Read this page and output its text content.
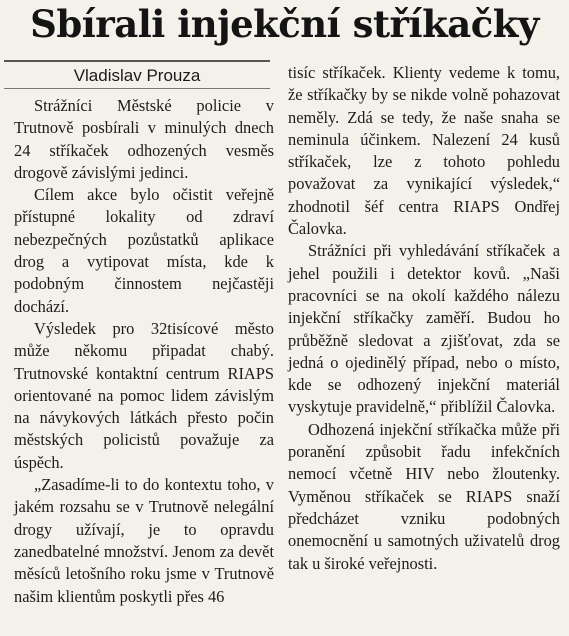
Sbírali injekční stříkačky
Vladislav Prouza

Strážníci Městské policie v Trutnově posbírali v minulých dnech 24 stříkaček odhozených vesměs drogově závislými jedinci.

Cílem akce bylo očistit veřejně přístupné lokality od zdraví nebezpečných pozůstatků aplikace drog a vytipovat místa, kde k podobným činnostem nejčastěji dochází.

Výsledek pro 32tisícové město může někomu připadat chabý. Trutnovské kontaktní centrum RIAPS orientované na pomoc lidem závislým na návykových látkách přesto počin městských policistů považuje za úspěch.

„Zasadíme-li to do kontextu toho, v jakém rozsahu se v Trutnově nelegální drogy užívají, je to opravdu zanedbatelné množství. Jenom za devět měsíců letošního roku jsme v Trutnově našim klientům poskytli přes 46

tisíc stříkaček. Klienty vedeme k tomu, že stříkačky by se nikde volně pohazovat neměly. Zdá se tedy, že naše snaha se neminula účinkem. Nalezení 24 kusů stříkaček, lze z tohoto pohledu považovat za vynikající výsledek,“ zhodnotil šéf centra RIAPS Ondřej Čalovka.

Strážníci při vyhledávání stříkaček a jehel použili i detektor kovů. „Naši pracovníci se na okolí každého nálezu injekční stříkačky zaměří. Budou ho průběžně sledovat a zjišťovat, zda se jedná o ojedinělý případ, nebo o místo, kde se odhozený injekční materiál vyskytuje pravidelně,“ přiblížil Čalovka.

Odhozená injekční stříkačka může při poranění způsobit řadu infekčních nemocí včetně HIV nebo žloutenky. Vyměnou stříkaček se RIAPS snaží předcházet vzniku podobných onemocnění u samotných uživatelů drog tak u široké veřejnosti.
